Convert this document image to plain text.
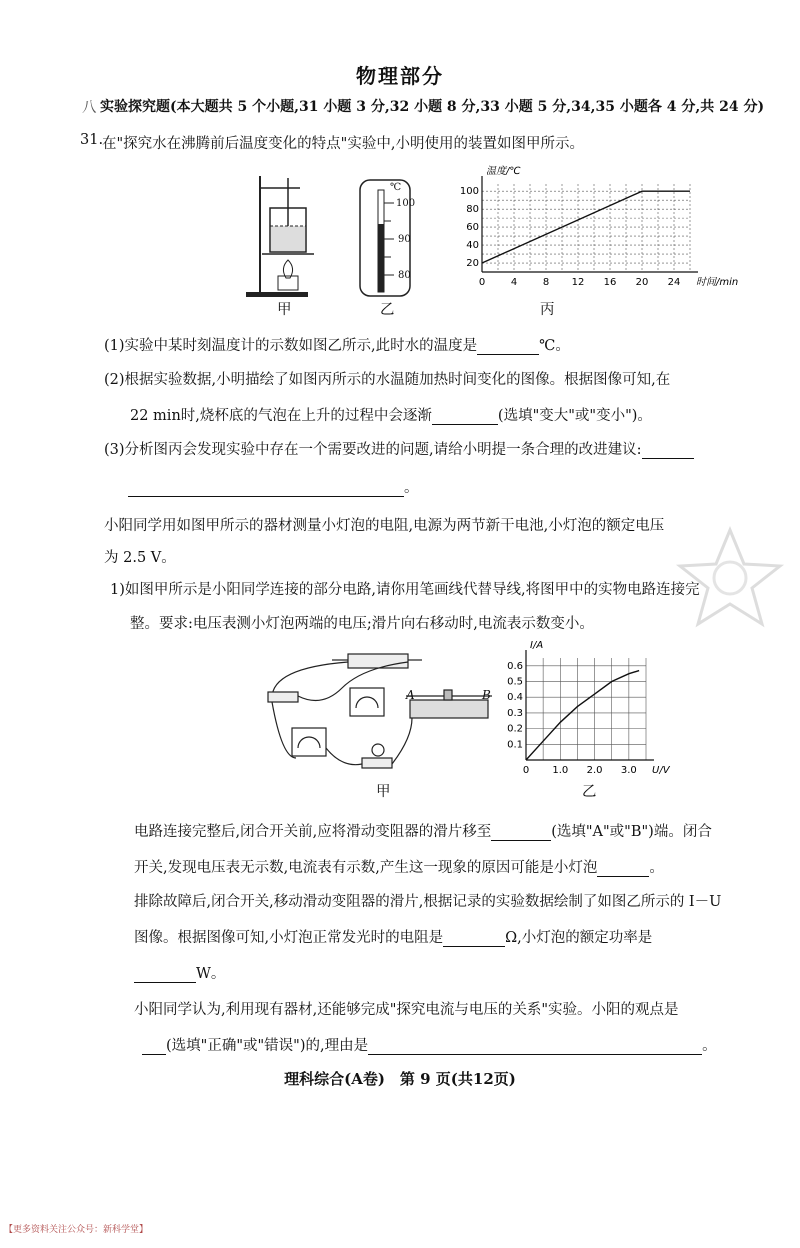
物理部分
八 实验探究题(本大题共 5 个小题,31 小题 3 分,32 小题 8 分,33 小题 5 分,34,35 小题各 4 分,共 24 分)
31.
在"探究水在沸腾前后温度变化的特点"实验中,小明使用的装置如图甲所示。
甲
℃
100
90
80
乙
0	4	8 12 16 20 24
20
40
60
80
100
时间/min
温度/℃
丙
(1)实验中某时刻温度计的示数如图乙所示,此时水的温度是	℃。
(2)根据实验数据,小明描绘了如图丙所示的水温随加热时间变化的图像。根据图像可知,在
22 min时,烧杯底的气泡在上升的过程中会逐渐	(选填"变大"或"变小")。
(3)分析图丙会发现实验中存在一个需要改进的问题,请给小明提一条合理的改进建议:
。
小阳同学用如图甲所示的器材测量小灯泡的电阻,电源为两节新干电池,小灯泡的额定电压
为 2.5 V。
1)如图甲所示是小阳同学连接的部分电路,请你用笔画线代替导线,将图甲中的实物电路连接完
整。要求:电压表测小灯泡两端的电压;滑片向右移动时,电流表示数变小。
A	B
甲
0 1.0 2.0 3.0
0.1
0.2
0.3
0.4
0.5
0.6
U/V
I/A
乙
电路连接完整后,闭合开关前,应将滑动变阻器的滑片移至	(选填"A"或"B")端。闭合
开关,发现电压表无示数,电流表有示数,产生这一现象的原因可能是小灯泡	。
排除故障后,闭合开关,移动滑动变阻器的滑片,根据记录的实验数据绘制了如图乙所示的 I－U
图像。根据图像可知,小灯泡正常发光时的电阻是	Ω,小灯泡的额定功率是
W。
小阳同学认为,利用现有器材,还能够完成"探究电流与电压的关系"实验。小阳的观点是
(选填"正确"或"错误")的,理由是	。
理科综合(A卷)　第 9 页(共12页)
【更多资料关注公众号：新科学堂】
